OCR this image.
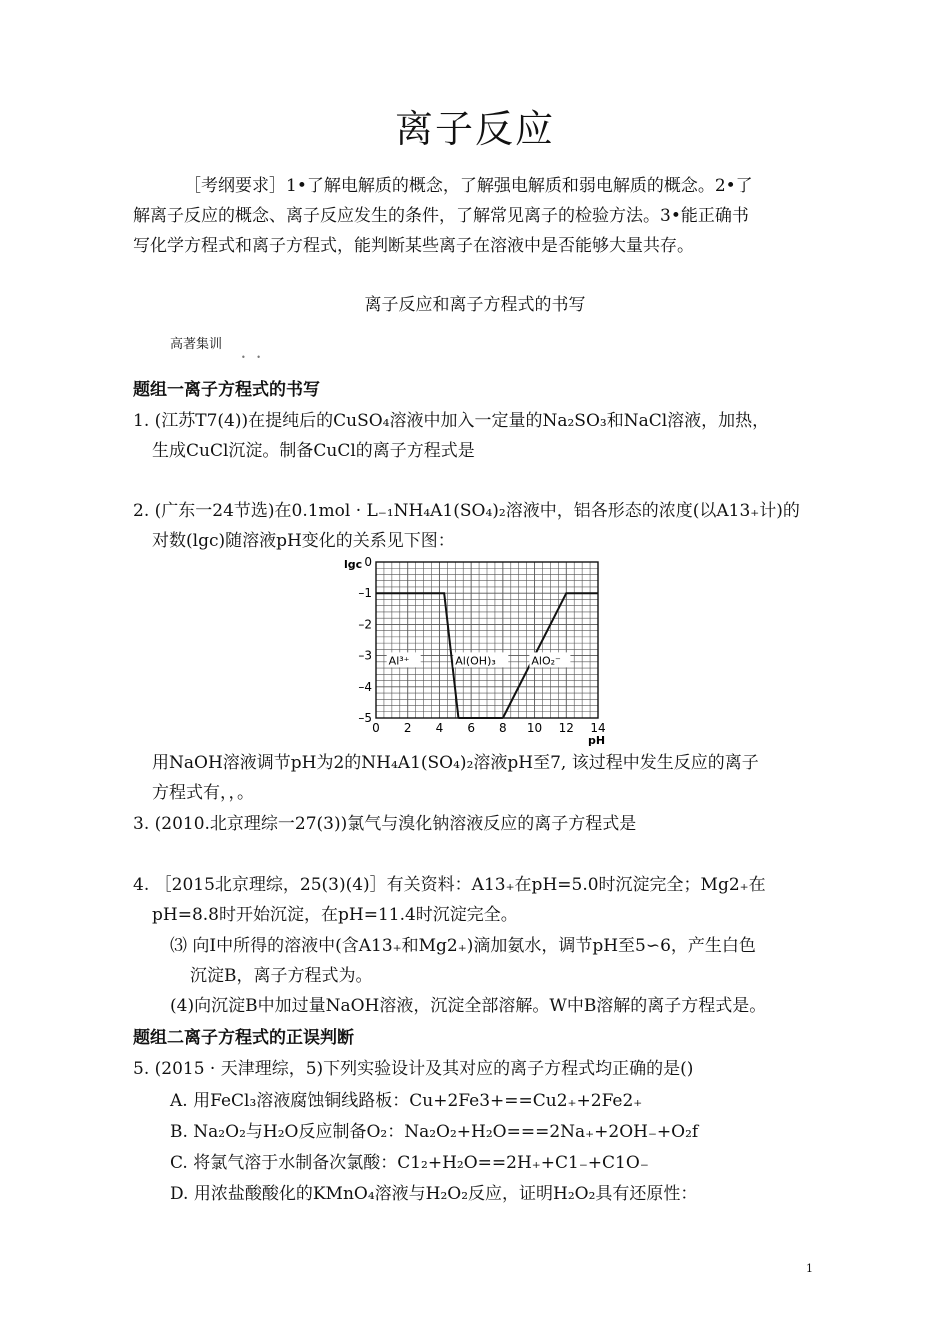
离子反应
［考纲要求］1•了解电解质的概念，了解强电解质和弱电解质的概念。2•了
解离子反应的概念、离子反应发生的条件，了解常见离子的检验方法。3•能正确书
写化学方程式和离子方程式，能判断某些离子在溶液中是否能够大量共存。
离子反应和离子方程式的书写
高著集训
• •
题组一离子方程式的书写
1. (江苏T7(4))在提纯后的CuSO₄溶液中加入一定量的Na₂SO₃和NaCl溶液，加热，
生成CuCl沉淀。制备CuCl的离子方程式是
2. (广东一24节选)在0.1mol · L₋₁NH₄A1(SO₄)₂溶液中，铝各形态的浓度(以A13₊计)的
对数(lgc)随溶液pH变化的关系见下图：
lgc
pH
0 2 4 6 8 10 12 14
0
–1
–2
–3
–4
–5
Al³⁺	Al(OH)₃	AlO₂⁻
用NaOH溶液调节pH为2的NH₄A1(SO₄)₂溶液pH至7, 该过程中发生反应的离子
方程式有，，。
3. (2010.北京理综一27(3))氯气与溴化钠溶液反应的离子方程式是
4. ［2015北京理综，25(3)(4)］有关资料：A13₊在pH=5.0时沉淀完全；Mg2₊在
pH=8.8时开始沉淀，在pH=11.4时沉淀完全。
⑶ 向I中所得的溶液中(含A13₊和Mg2₊)滴加氨水，调节pH至5∽6，产生白色
沉淀B，离子方程式为。
(4)向沉淀B中加过量NaOH溶液，沉淀全部溶解。W中B溶解的离子方程式是。
题组二离子方程式的正误判断
5. (2015 · 天津理综，5)下列实验设计及其对应的离子方程式均正确的是()
A. 用FeCl₃溶液腐蚀铜线路板：Cu+2Fe3+==Cu2₊+2Fe2₊
B. Na₂O₂与H₂O反应制备O₂：Na₂O₂+H₂O===2Na₊+2OH₋+O₂f
C. 将氯气溶于水制备次氯酸：C1₂+H₂O==2H₊+C1₋+C1O₋
D. 用浓盐酸酸化的KMnO₄溶液与H₂O₂反应，证明H₂O₂具有还原性：
1
